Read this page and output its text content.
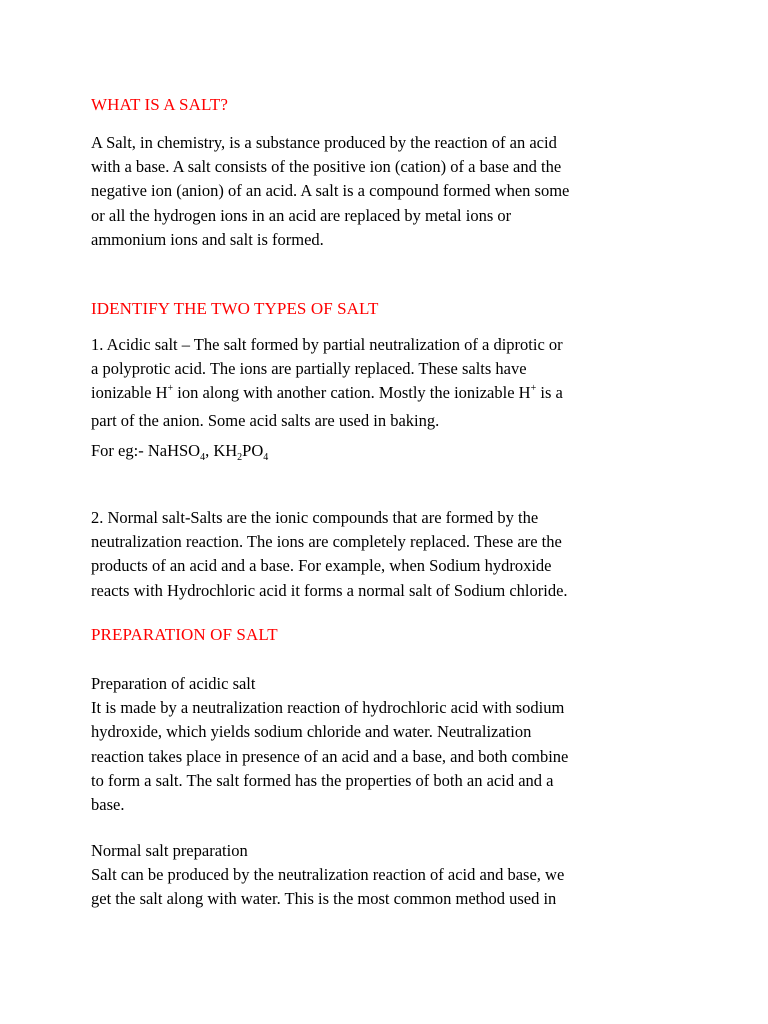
WHAT IS A SALT?
A Salt, in chemistry, is a substance produced by the reaction of an acid
with a base. A salt consists of the positive ion (cation) of a base and the
negative ion (anion) of an acid. A salt is a compound formed when some
or all the hydrogen ions in an acid are replaced by metal ions or
ammonium ions and salt is formed.
IDENTIFY THE TWO TYPES OF SALT
1. Acidic salt – The salt formed by partial neutralization of a diprotic or
a polyprotic acid. The ions are partially replaced. These salts have
ionizable H+ ion along with another cation. Mostly the ionizable H+ is a
part of the anion. Some acid salts are used in baking.
For eg:- NaHSO$_4$, $KH_2PO_4$
2. Normal salt-Salts are the ionic compounds that are formed by the
neutralization reaction. The ions are completely replaced. These are the
products of an acid and a base. For example, when Sodium hydroxide
reacts with Hydrochloric acid it forms a normal salt of Sodium chloride.
PREPARATION OF SALT
Preparation of acidic salt
It is made by a neutralization reaction of hydrochloric acid with sodium
hydroxide, which yields sodium chloride and water. Neutralization
reaction takes place in presence of an acid and a base, and both combine
to form a salt. The salt formed has the properties of both an acid and a
base.
Normal salt preparation
Salt can be produced by the neutralization reaction of acid and base, we
get the salt along with water. This is the most common method used in
